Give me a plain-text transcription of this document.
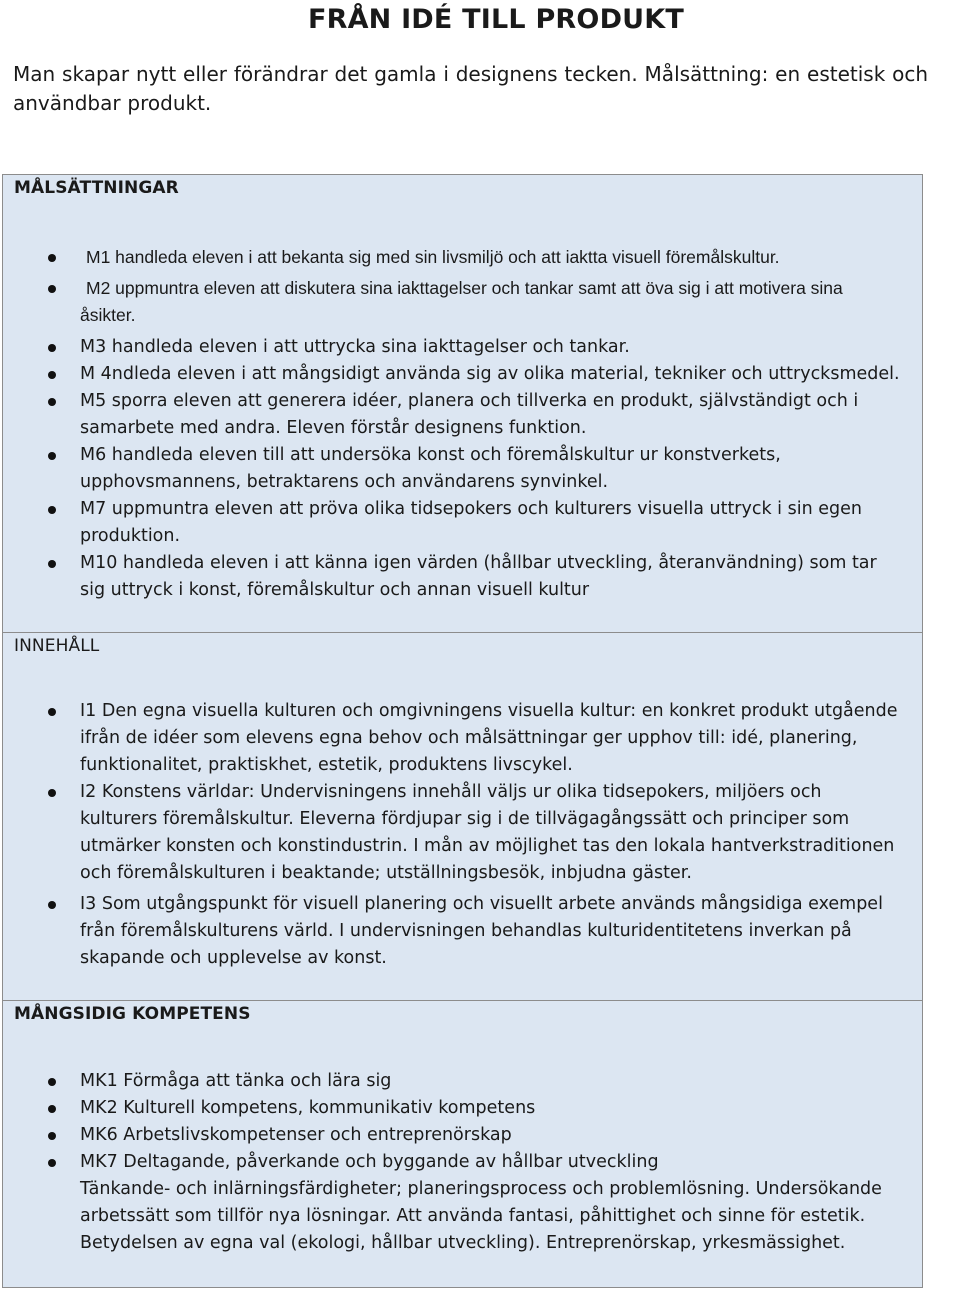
FRÅN IDÉ TILL PRODUKT

Man skapar nytt eller förändrar det gamla i designens tecken. Målsättning: en estetisk och användbar produkt.

MÅLSÄTTNINGAR
M1 handleda eleven i att bekanta sig med sin livsmiljö och att iaktta visuell föremålskultur.
M2 uppmuntra eleven att diskutera sina iakttagelser och tankar samt att öva sig i att motivera sina åsikter.
M3 handleda eleven i att uttrycka sina iakttagelser och tankar.
M 4ndleda eleven i att mångsidigt använda sig av olika material, tekniker och uttrycksmedel.
M5 sporra eleven att generera idéer, planera och tillverka en produkt, självständigt och i samarbete med andra. Eleven förstår designens funktion.
M6 handleda eleven till att undersöka konst och föremålskultur ur konstverkets, upphovsmannens, betraktarens och användarens synvinkel.
M7 uppmuntra eleven att pröva olika tidsepokers och kulturers visuella uttryck i sin egen produktion.
M10 handleda eleven i att känna igen värden (hållbar utveckling, återanvändning) som tar sig uttryck i konst, föremålskultur och annan visuell kultur
INNEHÅLL
I1 Den egna visuella kulturen och omgivningens visuella kultur: en konkret produkt utgående ifrån de idéer som elevens egna behov och målsättningar ger upphov till: idé, planering, funktionalitet, praktiskhet, estetik, produktens livscykel.
I2 Konstens världar: Undervisningens innehåll väljs ur olika tidsepokers, miljöers och kulturers föremålskultur. Eleverna fördjupar sig i de tillvägagångssätt och principer som utmärker konsten och konstindustrin. I mån av möjlighet tas den lokala hantverkstraditionen och föremålskulturen i beaktande; utställningsbesök, inbjudna gäster.
I3 Som utgångspunkt för visuell planering och visuellt arbete används mångsidiga exempel från föremålskulturens värld. I undervisningen behandlas kulturidentitetens inverkan på skapande och upplevelse av konst.
MÅNGSIDIG KOMPETENS
MK1 Förmåga att tänka och lära sig
MK2 Kulturell kompetens, kommunikativ kompetens
MK6 Arbetslivskompetenser och entreprenörskap
MK7 Deltagande, påverkande och byggande av hållbar utveckling
Tänkande- och inlärningsfärdigheter; planeringsprocess och problemlösning. Undersökande arbetssätt som tillför nya lösningar. Att använda fantasi, påhittighet och sinne för estetik. Betydelsen av egna val (ekologi, hållbar utveckling). Entreprenörskap, yrkesmässighet.
